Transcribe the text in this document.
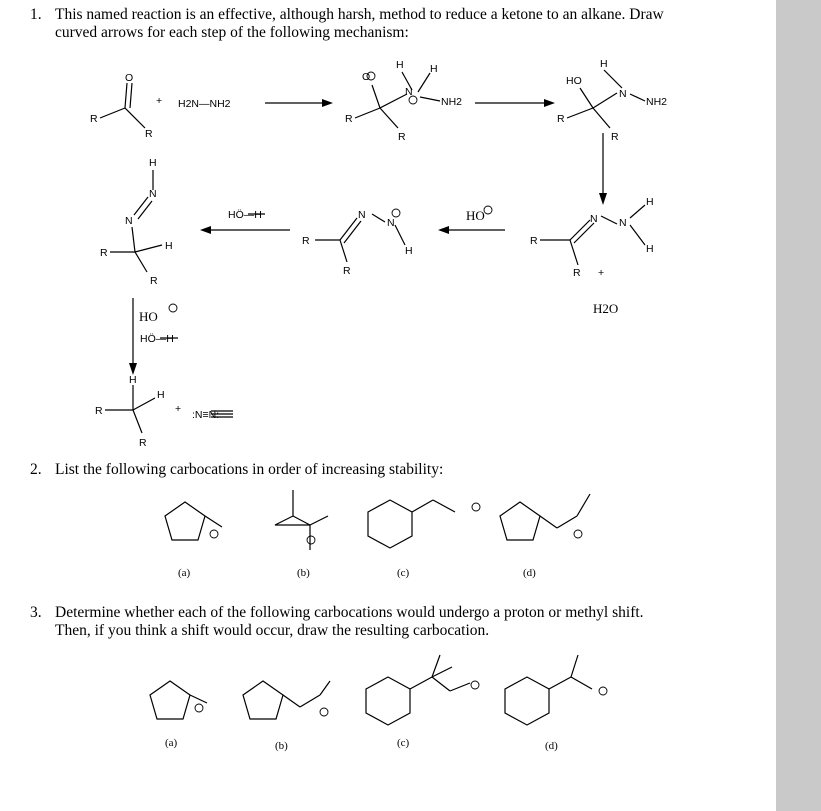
1. This named reaction is an effective, although harsh, method to reduce a ketone to an alkane. Draw
curved arrows for each step of the following mechanism:
2. List the following carbocations in order of increasing stability:
3. Determine whether each of the following carbocations would undergo a proton or methyl shift.
Then, if you think a shift would occur, draw the resulting carbocation.
R
R
O
+ H2N—NH2
R
R
O
H	H
N
NH2
R
R
HO
H
N
NH2
R
R +
N N
H
H
H2O
HO
R
R
N
N
H
HÖ—H
R
R
H
N
N
H
HO
HÖ—H
R
R
H
H
+ :N≡N:
(a)	(b)	(c)	(d)
(a)	(b)	(c)	(d)
